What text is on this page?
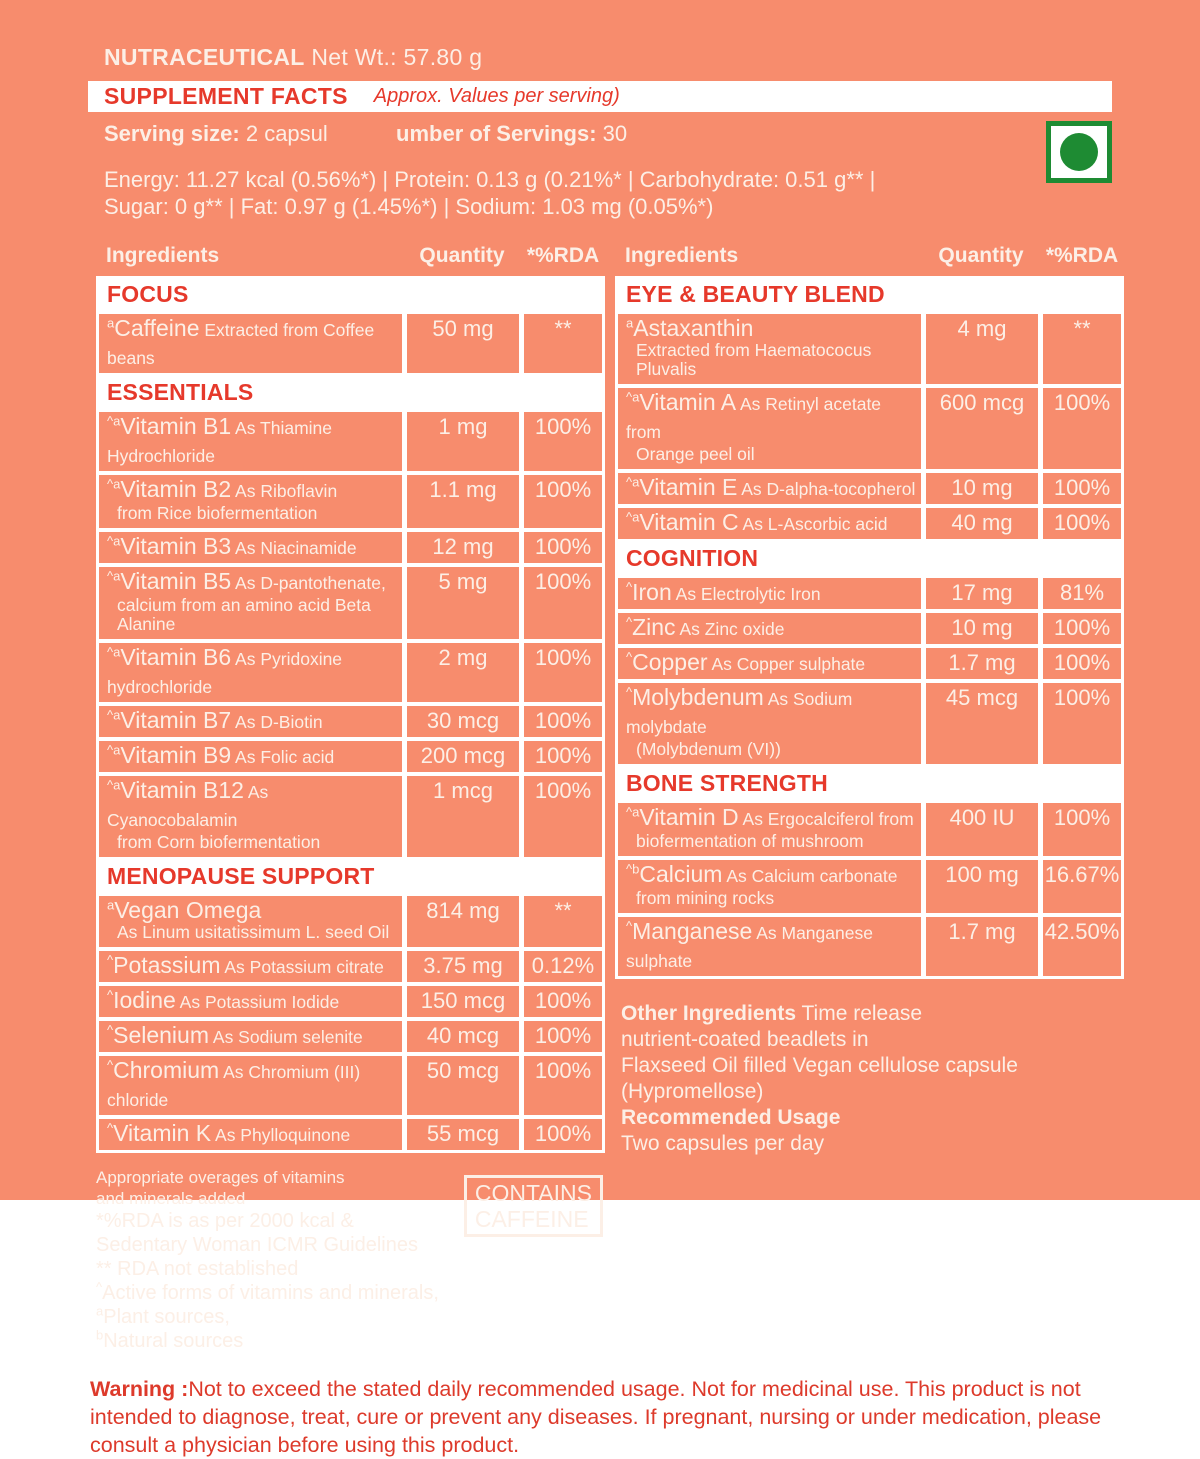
NUTRACEUTICAL Net Wt.: 57.80 g
SUPPLEMENT FACTS Approx. Values per serving)
Serving size: 2 capsul	umber of Servings: 30
Energy: 11.27 kcal (0.56%*) | Protein: 0.13 g (0.21%* | Carbohydrate: 0.51 g** |
Sugar: 0 g** | Fat: 0.97 g (1.45%*) | Sodium: 1.03 mg (0.05%*)
Ingredients	Quantity	*%RDA
FOCUS
$^a$Caffeine Extracted from Coffee beans
50 mg	**
ESSENTIALS
$^{\^{}a}$Vitamin B1 As Thiamine Hydrochloride
1 mg	100%
$^{\^{}a}$Vitamin B2 As Riboflavin
from Rice biofermentation
1.1 mg	100%
$^{\^{}a}$Vitamin B3 As Niacinamide	12 mg	100%
$^{\^{}a}$Vitamin B5 As D-pantothenate,
calcium from an amino acid Beta Alanine
5 mg	100%
$^{\^{}a}$Vitamin B6 As Pyridoxine hydrochloride
2 mg	100%
$^{\^{}a}$Vitamin B7 As D-Biotin	30 mcg	100%
$^{\^{}a}$Vitamin B9 As Folic acid	200 mcg	100%
$^{\^{}a}$Vitamin B12 As Cyanocobalamin
from Corn biofermentation
1 mcg	100%
MENOPAUSE SUPPORT
$^a$Vegan Omega
As Linum usitatissimum L. seed Oil
814 mg	**
^Potassium As Potassium citrate	3.75 mg	0.12%
^Iodine As Potassium Iodide	150 mcg	100%
^Selenium As Sodium selenite	40 mcg	100%
^Chromium As Chromium (III) chloride
50 mcg	100%
^Vitamin K As Phylloquinone	55 mcg	100%
Appropriate overages of vitamins
and minerals added
*%RDA is as per 2000 kcal &
Sedentary Woman ICMR Guidelines
** RDA not established
^Active forms of vitamins and minerals,
$^a$Plant sources,
$^b$Natural sources
CONTAINS
CAFFEINE
Ingredients	Quantity	*%RDA
EYE & BEAUTY BLEND
$^a$Astaxanthin
Extracted from Haematococus Pluvalis
4 mg	**
$^{\^{}a}$Vitamin A As Retinyl acetate from
Orange peel oil
600 mcg	100%
$^{\^{}a}$Vitamin E As D-alpha-tocopherol	10 mg	100%
$^{\^{}a}$Vitamin C As L-Ascorbic acid	40 mg	100%
COGNITION
^Iron As Electrolytic Iron	17 mg	81%
^Zinc As Zinc oxide	10 mg	100%
^Copper As Copper sulphate	1.7 mg	100%
^Molybdenum As Sodium molybdate
(Molybdenum (VI))
45 mcg	100%
BONE STRENGTH
$^{\^{}a}$Vitamin D As Ergocalciferol from
biofermentation of mushroom
400 IU	100%
$^{\^{}b}$Calcium As Calcium carbonate
from mining rocks
100 mg	16.67%
^Manganese As Manganese sulphate
1.7 mg	42.50%
Other Ingredients Time release
nutrient-coated beadlets in
Flaxseed Oil filled Vegan cellulose capsule
(Hypromellose)
Recommended Usage
Two capsules per day
Warning :Not to exceed the stated daily recommended usage. Not for medicinal use. This product is not intended to diagnose, treat, cure or prevent any diseases. If pregnant, nursing or under medication, please consult a physician before using this product.
